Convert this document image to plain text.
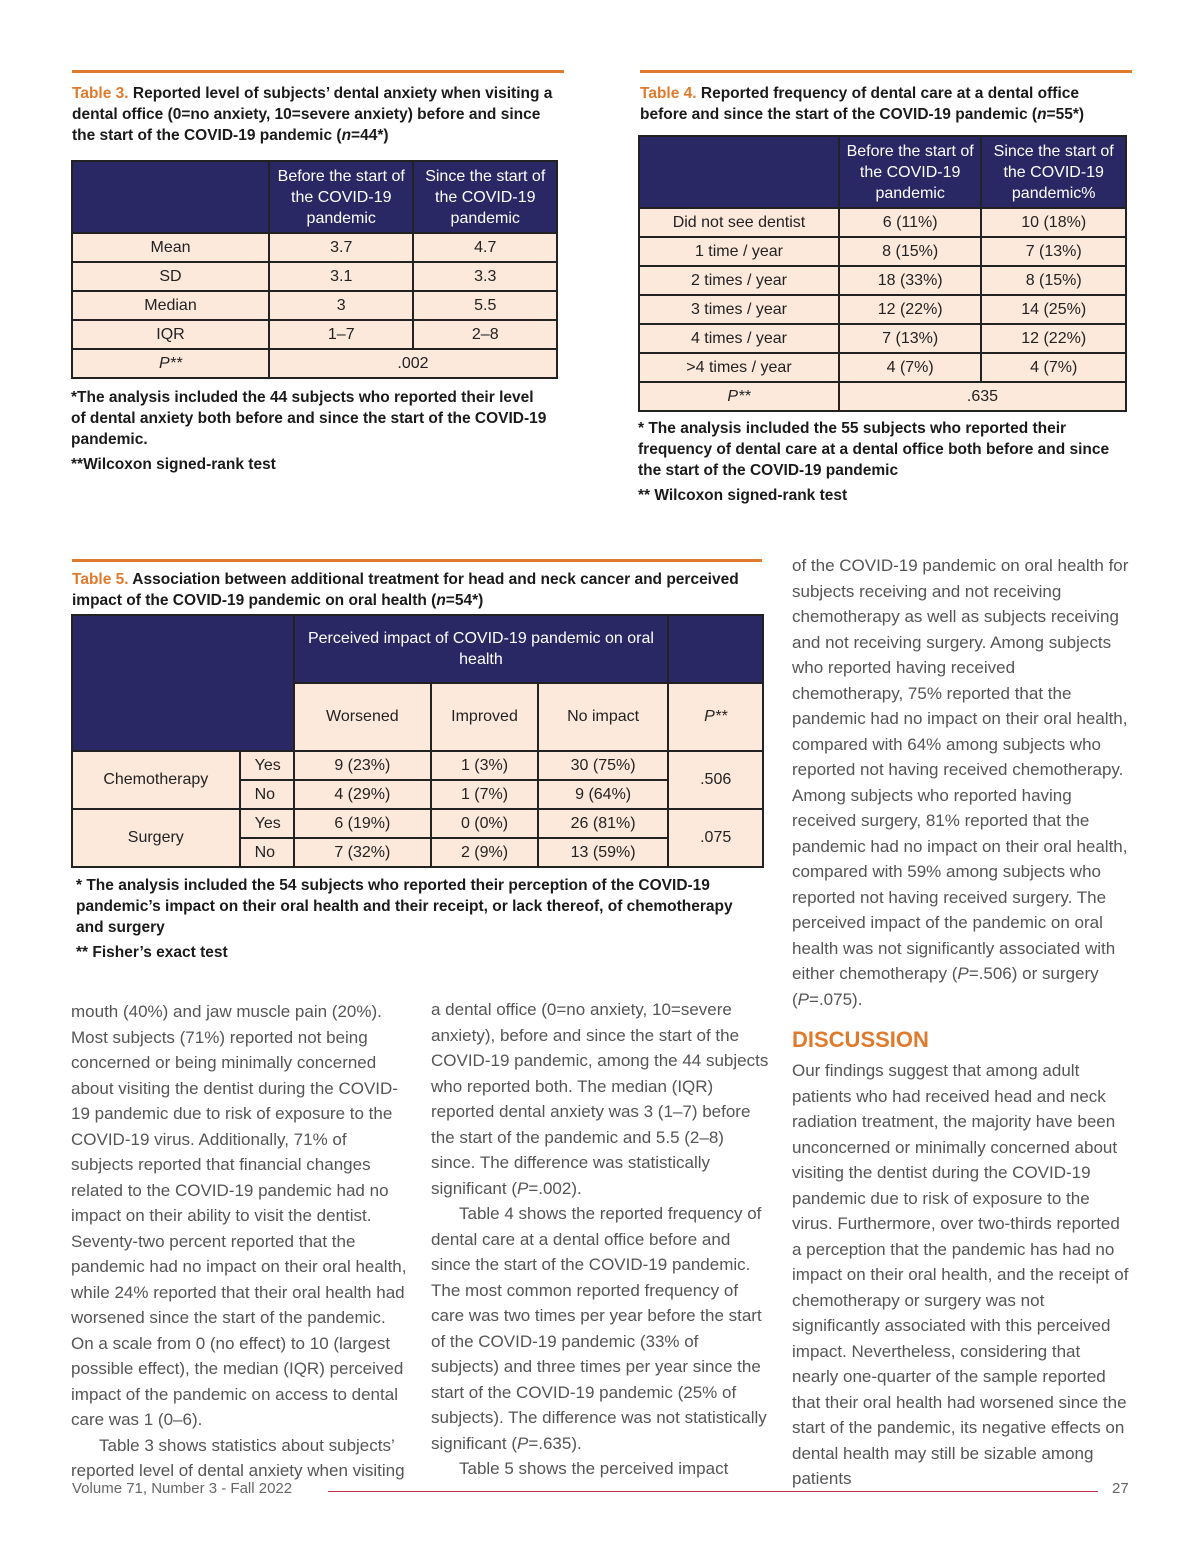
Table 3. Reported level of subjects’ dental anxiety when visiting a dental office (0=no anxiety, 10=severe anxiety) before and since the start of the COVID-19 pandemic (n=44*)
	Before the start of the COVID-19 pandemic	Since the start of the COVID-19 pandemic
Mean	3.7	4.7
SD	3.1	3.3
Median	3	5.5
IQR	1–7	2–8
P**	.002	

*The analysis included the 44 subjects who reported their level of dental anxiety both before and since the start of the COVID-19 pandemic.

**Wilcoxon signed-rank test

Table 4. Reported frequency of dental care at a dental office before and since the start of the COVID-19 pandemic (n=55*)
	Before the start of the COVID-19 pandemic	Since the start of the COVID-19 pandemic%
Did not see dentist	6 (11%)	10 (18%)
1 time / year	8 (15%)	7 (13%)
2 times / year	18 (33%)	8 (15%)
3 times / year	12 (22%)	14 (25%)
4 times / year	7 (13%)	12 (22%)
>4 times / year	4 (7%)	4 (7%)
P**	.635	

* The analysis included the 55 subjects who reported their frequency of dental care at a dental office both before and since the start of the COVID-19 pandemic

** Wilcoxon signed-rank test

Table 5. Association between additional treatment for head and neck cancer and perceived impact of the COVID-19 pandemic on oral health (n=54*)
		Perceived impact of COVID-19 pandemic on oral health			
		Worsened	Improved	No impact	P**
Chemotherapy	Yes	9 (23%)	1 (3%)	30 (75%)	.506
	No	4 (29%)	1 (7%)	9 (64%)	
Surgery	Yes	6 (19%)	0 (0%)	26 (81%)	.075
	No	7 (32%)	2 (9%)	13 (59%)	

* The analysis included the 54 subjects who reported their perception of the COVID-19 pandemic’s impact on their oral health and their receipt, or lack thereof, of chemotherapy and surgery

** Fisher’s exact test

of the COVID-19 pandemic on oral health for subjects receiving and not receiving chemotherapy as well as subjects receiving and not receiving surgery. Among subjects who reported having received chemotherapy, 75% reported that the pandemic had no impact on their oral health, compared with 64% among subjects who reported not having received chemotherapy. Among subjects who reported having received surgery, 81% reported that the pandemic had no impact on their oral health, compared with 59% among subjects who reported not having received surgery. The perceived impact of the pandemic on oral health was not significantly associated with either chemotherapy (P=.506) or surgery (P=.075).

DISCUSSION

Our findings suggest that among adult patients who had received head and neck radiation treatment, the majority have been unconcerned or minimally concerned about visiting the dentist during the COVID-19 pandemic due to risk of exposure to the virus. Furthermore, over two-thirds reported a perception that the pandemic has had no impact on their oral health, and the receipt of chemotherapy or surgery was not significantly associated with this perceived impact. Nevertheless, considering that nearly one-quarter of the sample reported that their oral health had worsened since the start of the pandemic, its negative effects on dental health may still be sizable among patients

mouth (40%) and jaw muscle pain (20%). Most subjects (71%) reported not being concerned or being minimally concerned about visiting the dentist during the COVID-19 pandemic due to risk of exposure to the COVID-19 virus. Additionally, 71% of subjects reported that financial changes related to the COVID-19 pandemic had no impact on their ability to visit the dentist. Seventy-two percent reported that the pandemic had no impact on their oral health, while 24% reported that their oral health had worsened since the start of the pandemic. On a scale from 0 (no effect) to 10 (largest possible effect), the median (IQR) perceived impact of the pandemic on access to dental care was 1 (0–6).

Table 3 shows statistics about subjects’ reported level of dental anxiety when visiting

a dental office (0=no anxiety, 10=severe anxiety), before and since the start of the COVID-19 pandemic, among the 44 subjects who reported both. The median (IQR) reported dental anxiety was 3 (1–7) before the start of the pandemic and 5.5 (2–8) since. The difference was statistically significant (P=.002).

Table 4 shows the reported frequency of dental care at a dental office before and since the start of the COVID-19 pandemic. The most common reported frequency of care was two times per year before the start of the COVID-19 pandemic (33% of subjects) and three times per year since the start of the COVID-19 pandemic (25% of subjects). The difference was not statistically significant (P=.635).

Table 5 shows the perceived impact

Volume 71, Number 3 - Fall 2022	27
